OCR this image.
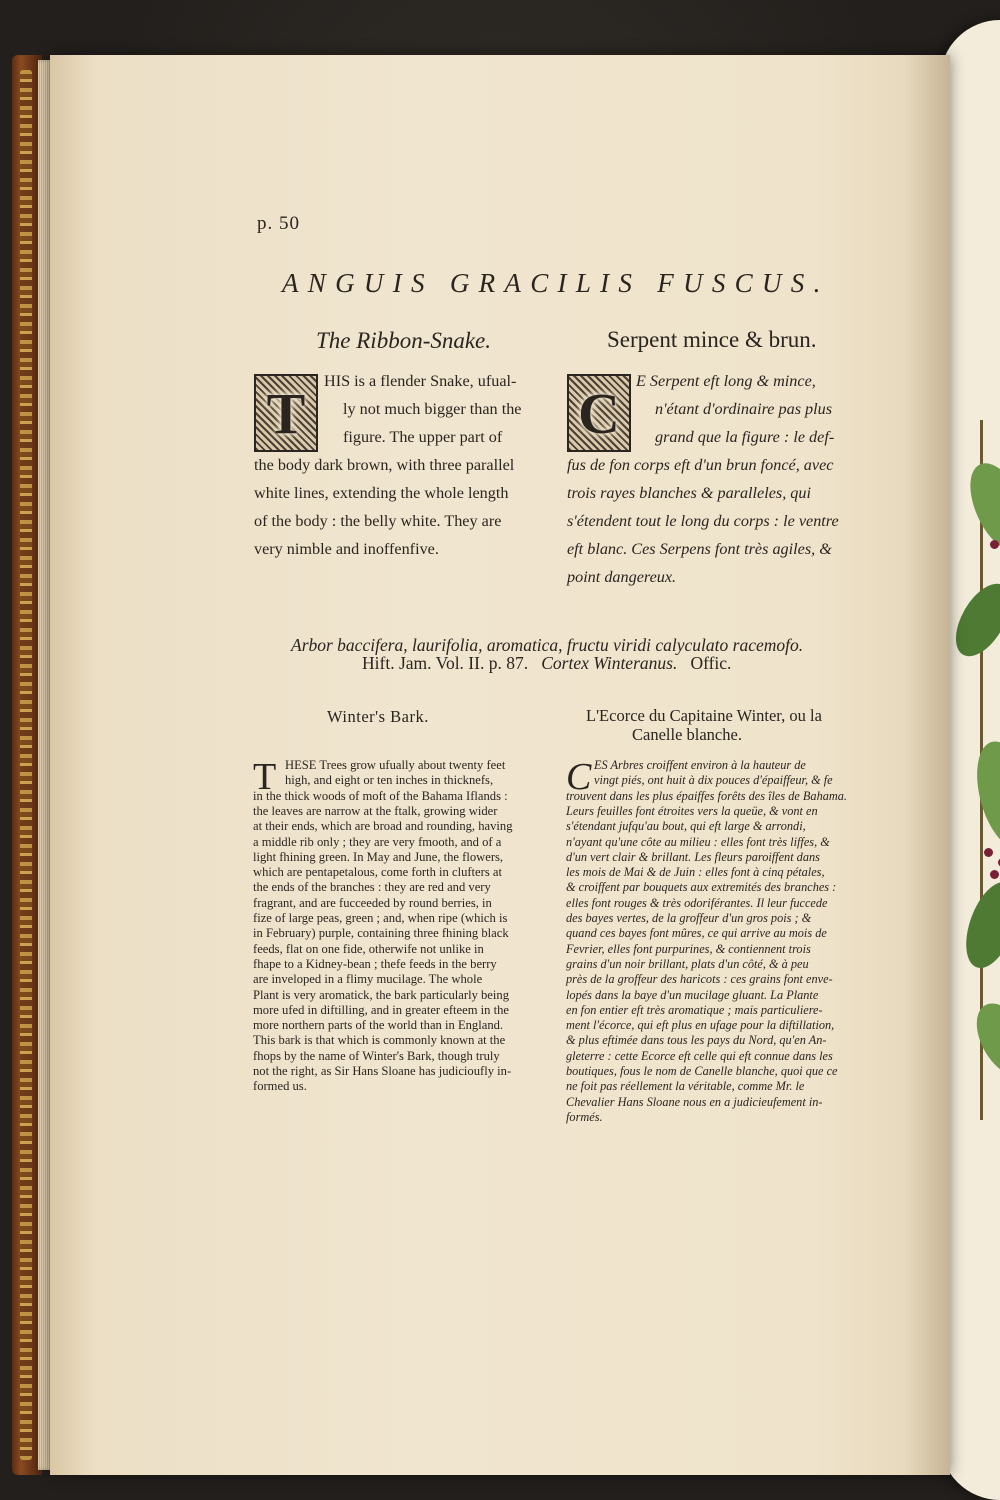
p. 50
ANGUIS GRACILIS FUSCUS.
The Ribbon-Snake.	Serpent mince & brun.
T	HIS is a flender Snake, ufual-
ly not much bigger than the
figure. The upper part of
the body dark brown, with three parallel
white lines, extending the whole length
of the body : the belly white. They are
very nimble and inoffenfive.
C E Serpent eft long & mince,
n'étant d'ordinaire pas plus
grand que la figure : le def-
fus de fon corps eft d'un brun foncé, avec
trois rayes blanches & paralleles, qui
s'étendent tout le long du corps : le ventre
eft blanc. Ces Serpens font très agiles, &
point dangereux.
Arbor baccifera, laurifolia, aromatica, fructu viridi calyculato racemofo.
Hift. Jam. Vol. II. p. 87. Cortex Winteranus. Offic.
Winter's Bark.	L'Ecorce du Capitaine Winter, ou la
Canelle blanche.
T HESE Trees grow ufually about twenty feet
high, and eight or ten inches in thicknefs,
in the thick woods of moft of the Bahama Iflands :
the leaves are narrow at the ftalk, growing wider
at their ends, which are broad and rounding, having
a middle rib only ; they are very fmooth, and of a
light fhining green. In May and June, the flowers,
which are pentapetalous, come forth in clufters at
the ends of the branches : they are red and very
fragrant, and are fucceeded by round berries, in
fize of large peas, green ; and, when ripe (which is
in February) purple, containing three fhining black
feeds, flat on one fide, otherwife not unlike in
fhape to a Kidney-bean ; thefe feeds in the berry
are inveloped in a flimy mucilage. The whole
Plant is very aromatick, the bark particularly being
more ufed in diftilling, and in greater efteem in the
more northern parts of the world than in England.
This bark is that which is commonly known at the
fhops by the name of Winter's Bark, though truly
not the right, as Sir Hans Sloane has judicioufly in-
formed us.
C ES Arbres croiffent environ à la hauteur de
vingt piés, ont huit à dix pouces d'épaiffeur, & fe
trouvent dans les plus épaiffes forêts des îles de Bahama.
Leurs feuilles font étroites vers la queüe, & vont en
s'étendant jufqu'au bout, qui eft large & arrondi,
n'ayant qu'une côte au milieu : elles font très liffes, &
d'un vert clair & brillant. Les fleurs paroiffent dans
les mois de Mai & de Juin : elles font à cinq pétales,
& croiffent par bouquets aux extremités des branches :
elles font rouges & très odoriférantes. Il leur fuccede
des bayes vertes, de la groffeur d'un gros pois ; &
quand ces bayes font mûres, ce qui arrive au mois de
Fevrier, elles font purpurines, & contiennent trois
grains d'un noir brillant, plats d'un côté, & à peu
près de la groffeur des haricots : ces grains font enve-
lopés dans la baye d'un mucilage gluant. La Plante
en fon entier eft très aromatique ; mais particuliere-
ment l'écorce, qui eft plus en ufage pour la diftillation,
& plus eftimée dans tous les pays du Nord, qu'en An-
gleterre : cette Ecorce eft celle qui eft connue dans les
boutiques, fous le nom de Canelle blanche, quoi que ce
ne foit pas réellement la véritable, comme Mr. le
Chevalier Hans Sloane nous en a judicieufement in-
formés.
